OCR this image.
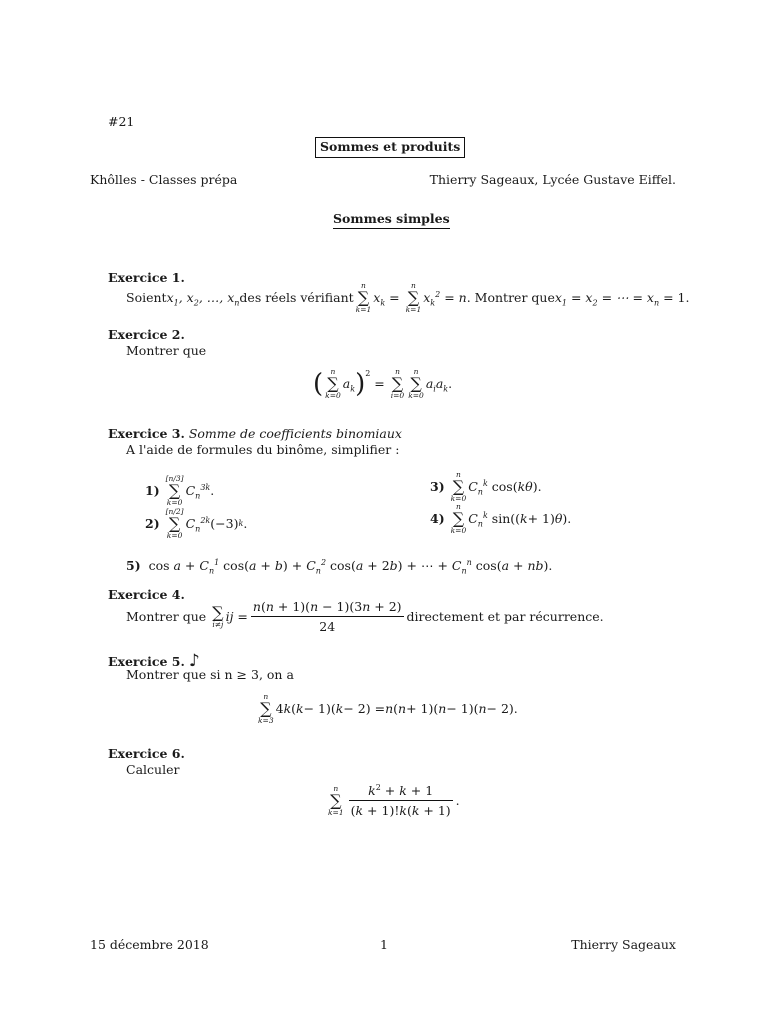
#21
Sommes et produits
Khôlles - Classes prépa	Thierry Sageaux, Lycée Gustave Eiffel.
Sommes simples
Exercice 1.
Soient $x_1$, $x_2$, …, $x_n$ des réels vérifiant
n
∑
k=1
$x_k$ =
n
∑
k=1
$x_k^2 = n$ . Montrer que $x_1 = x_2$ = ⋯ = $x_n = 1$.
Exercice 2.
Montrer que
( n
∑
k=0
$a_k$ )$^2$
=
n
∑
i=0
n
∑
k=0
$a_ia_k$ .
Exercice 3. Somme de coefficients binomiaux
A l'aide de formules du binôme, simplifier :
1)

[n/3]
∑
k=0
$C_n^{3k}$ .
2)

[n/2]
∑
k=0
$C_n^{2k}$ (−3) k .
3)

n
∑
k=0
$C_n^k$ cos( kθ ).
4)

n
∑
k=0
$C_n^k$ sin(( k + 1) θ ).
5)  $\cos a + C_n^1$ $\cos(a + b) + C_n^2$ cos(a + 2b) + ⋯ + $C_n^n$ cos(a + nb).
Exercice 4.
Montrer que
∑
i≠j ij = $\frac{n(n + 1)(n - 1)(3n + 2)}{24}$ directement et par récurrence.
Exercice 5. ♪
Montrer que si n ≥ 3, on a
n
∑
k=3
4 k ( k − 1)( k − 2) = n ( n + 1)( n − 1)( n − 2).
Exercice 6.
Calculer
n
∑
$k=1 \frac{k^2 + k + 1}{(k + 1)!k(k + 1)}$ .
15 décembre 2018	1	Thierry Sageaux
